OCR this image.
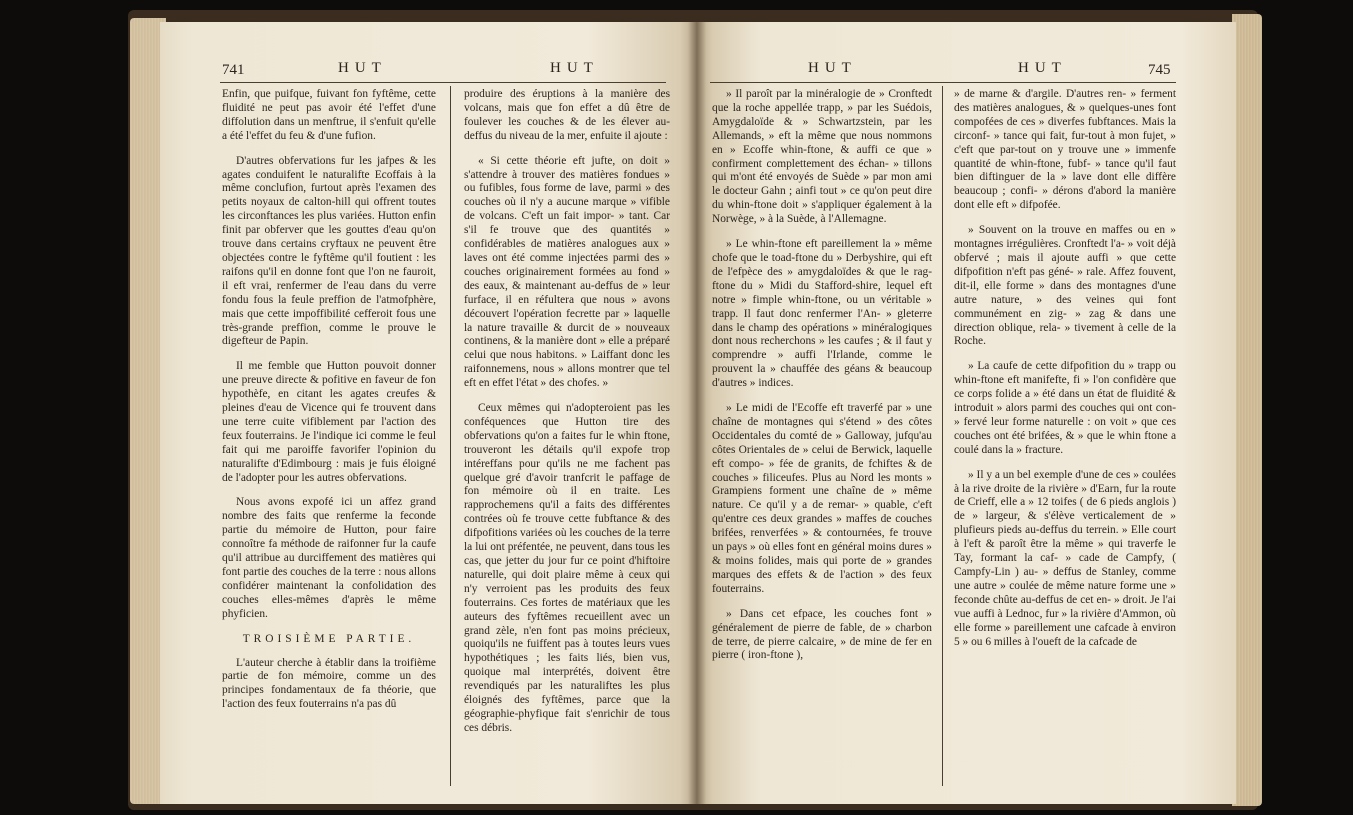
741	HUT	HUT

Enfin, que puifque, fuivant fon fyftême, cette fluidité ne peut pas avoir été l'effet d'une diffolution dans un menftrue, il s'enfuit qu'elle a été l'effet du feu & d'une fufion.

D'autres obfervations fur les jafpes & les agates conduifent le naturalifte Ecoffais à la même conclufion, furtout après l'examen des petits noyaux de calton-hill qui offrent toutes les circonftances les plus variées. Hutton enfin finit par obferver que les gouttes d'eau qu'on trouve dans certains cryftaux ne peuvent être objectées contre le fyftême qu'il foutient : les raifons qu'il en donne font que l'on ne fauroit, il eft vrai, renfermer de l'eau dans du verre fondu fous la feule preffion de l'atmofphère, mais que cette impoffibilité cefferoit fous une très-grande preffion, comme le prouve le digefteur de Papin.

Il me femble que Hutton pouvoit donner une preuve directe & pofitive en faveur de fon hypothèfe, en citant les agates creufes & pleines d'eau de Vicence qui fe trouvent dans une terre cuite vifiblement par l'action des feux fouterrains. Je l'indique ici comme le feul fait qui me paroiffe favorifer l'opinion du naturalifte d'Edimbourg : mais je fuis éloigné de l'adopter pour les autres obfervations.

Nous avons expofé ici un affez grand nombre des faits que renferme la feconde partie du mémoire de Hutton, pour faire connoître fa méthode de raifonner fur la caufe qu'il attribue au durciffement des matières qui font partie des couches de la terre : nous allons confidérer maintenant la confolidation des couches elles-mêmes d'après le même phyficien.

TROISIÈME PARTIE.

L'auteur cherche à établir dans la troifième partie de fon mémoire, comme un des principes fondamentaux de fa théorie, que l'action des feux fouterrains n'a pas dû

produire des éruptions à la manière des volcans, mais que fon effet a dû être de foulever les couches & de les élever au-deffus du niveau de la mer, enfuite il ajoute :

« Si cette théorie eft jufte, on doit » s'attendre à trouver des matières fondues » ou fufibles, fous forme de lave, parmi » des couches où il n'y a aucune marque » vifible de volcans. C'eft un fait impor- » tant. Car s'il fe trouve que des quantités » confidérables de matières analogues aux » laves ont été comme injectées parmi des » couches originairement formées au fond » des eaux, & maintenant au-deffus de » leur furface, il en réfultera que nous » avons découvert l'opération fecrette par » laquelle la nature travaille & durcit de » nouveaux continens, & la manière dont » elle a préparé celui que nous habitons. » Laiffant donc les raifonnemens, nous » allons montrer que tel eft en effet l'état » des chofes. »

Ceux mêmes qui n'adopteroient pas les conféquences que Hutton tire des obfervations qu'on a faites fur le whin ftone, trouveront les détails qu'il expofe trop intéreffans pour qu'ils ne me fachent pas quelque gré d'avoir tranfcrit le paffage de fon mémoire où il en traite. Les rapprochemens qu'il a faits des différentes contrées où fe trouve cette fubftance & des difpofitions variées où les couches de la terre la lui ont préfentée, ne peuvent, dans tous les cas, que jetter du jour fur ce point d'hiftoire naturelle, qui doit plaire même à ceux qui n'y verroient pas les produits des feux fouterrains. Ces fortes de matériaux que les auteurs des fyftêmes recueillent avec un grand zèle, n'en font pas moins précieux, quoiqu'ils ne fuiffent pas à toutes leurs vues hypothétiques ; les faits liés, bien vus, quoique mal interprétés, doivent être revendiqués par les naturaliftes les plus éloignés des fyftêmes, parce que la géographie-phyfique fait s'enrichir de tous ces débris.

HUT	HUT	745

» Il paroît par la minéralogie de » Cronftedt que la roche appellée trapp, » par les Suédois, Amygdaloïde & » Schwartzstein, par les Allemands, » eft la même que nous nommons en » Ecoffe whin-ftone, & auffi ce que » confirment complettement des échan- » tillons qui m'ont été envoyés de Suède » par mon ami le docteur Gahn ; ainfi tout » ce qu'on peut dire du whin-ftone doit » s'appliquer également à la Norwège, » à la Suède, à l'Allemagne.

» Le whin-ftone eft pareillement la » même chofe que le toad-ftone du » Derbyshire, qui eft de l'efpèce des » amygdaloïdes & que le rag-ftone du » Midi du Stafford-shire, lequel eft notre » fimple whin-ftone, ou un véritable » trapp. Il faut donc renfermer l'An- » gleterre dans le champ des opérations » minéralogiques dont nous recherchons » les caufes ; & il faut y comprendre » auffi l'Irlande, comme le prouvent la » chauffée des géans & beaucoup d'autres » indices.

» Le midi de l'Ecoffe eft traverfé par » une chaîne de montagnes qui s'étend » des côtes Occidentales du comté de » Galloway, jufqu'au côtes Orientales de » celui de Berwick, laquelle eft compo- » fée de granits, de fchiftes & de couches » filiceufes. Plus au Nord les monts » Grampiens forment une chaîne de » même nature. Ce qu'il y a de remar- » quable, c'eft qu'entre ces deux grandes » maffes de couches brifées, renverfées » & contournées, fe trouve un pays » où elles font en général moins dures » & moins folides, mais qui porte de » grandes marques des effets & de l'action » des feux fouterrains.

» Dans cet efpace, les couches font » généralement de pierre de fable, de » charbon de terre, de pierre calcaire, » de mine de fer en pierre ( iron-ftone ),

» de marne & d'argile. D'autres ren- » ferment des matières analogues, & » quelques-unes font compofées de ces » diverfes fubftances. Mais la circonf- » tance qui fait, fur-tout à mon fujet, » c'eft que par-tout on y trouve une » immenfe quantité de whin-ftone, fubf- » tance qu'il faut bien diftinguer de la » lave dont elle diffère beaucoup ; confi- » dérons d'abord la manière dont elle eft » difpofée.

» Souvent on la trouve en maffes ou en » montagnes irrégulières. Cronftedt l'a- » voit déjà obfervé ; mais il ajoute auffi » que cette difpofition n'eft pas géné- » rale. Affez fouvent, dit-il, elle forme » dans des montagnes d'une autre nature, » des veines qui font communément en zig- » zag & dans une direction oblique, rela- » tivement à celle de la Roche.

» La caufe de cette difpofition du » trapp ou whin-ftone eft manifefte, fi » l'on confidère que ce corps folide a » été dans un état de fluidité & introduit » alors parmi des couches qui ont con- » fervé leur forme naturelle : on voit » que ces couches ont été brifées, & » que le whin ftone a coulé dans la » fracture.

» Il y a un bel exemple d'une de ces » coulées à la rive droite de la rivière » d'Earn, fur la route de Crieff, elle a » 12 toifes ( de 6 pieds anglois ) de » largeur, & s'élève verticalement de » plufieurs pieds au-deffus du terrein. » Elle court à l'eft & paroît être la même » qui traverfe le Tay, formant la caf- » cade de Campfy, ( Campfy-Lin ) au- » deffus de Stanley, comme une autre » coulée de même nature forme une » feconde chûte au-deffus de cet en- » droit. Je l'ai vue auffi à Lednoc, fur » la rivière d'Ammon, où elle forme » pareillement une cafcade à environ 5 » ou 6 milles à l'oueft de la cafcade de
